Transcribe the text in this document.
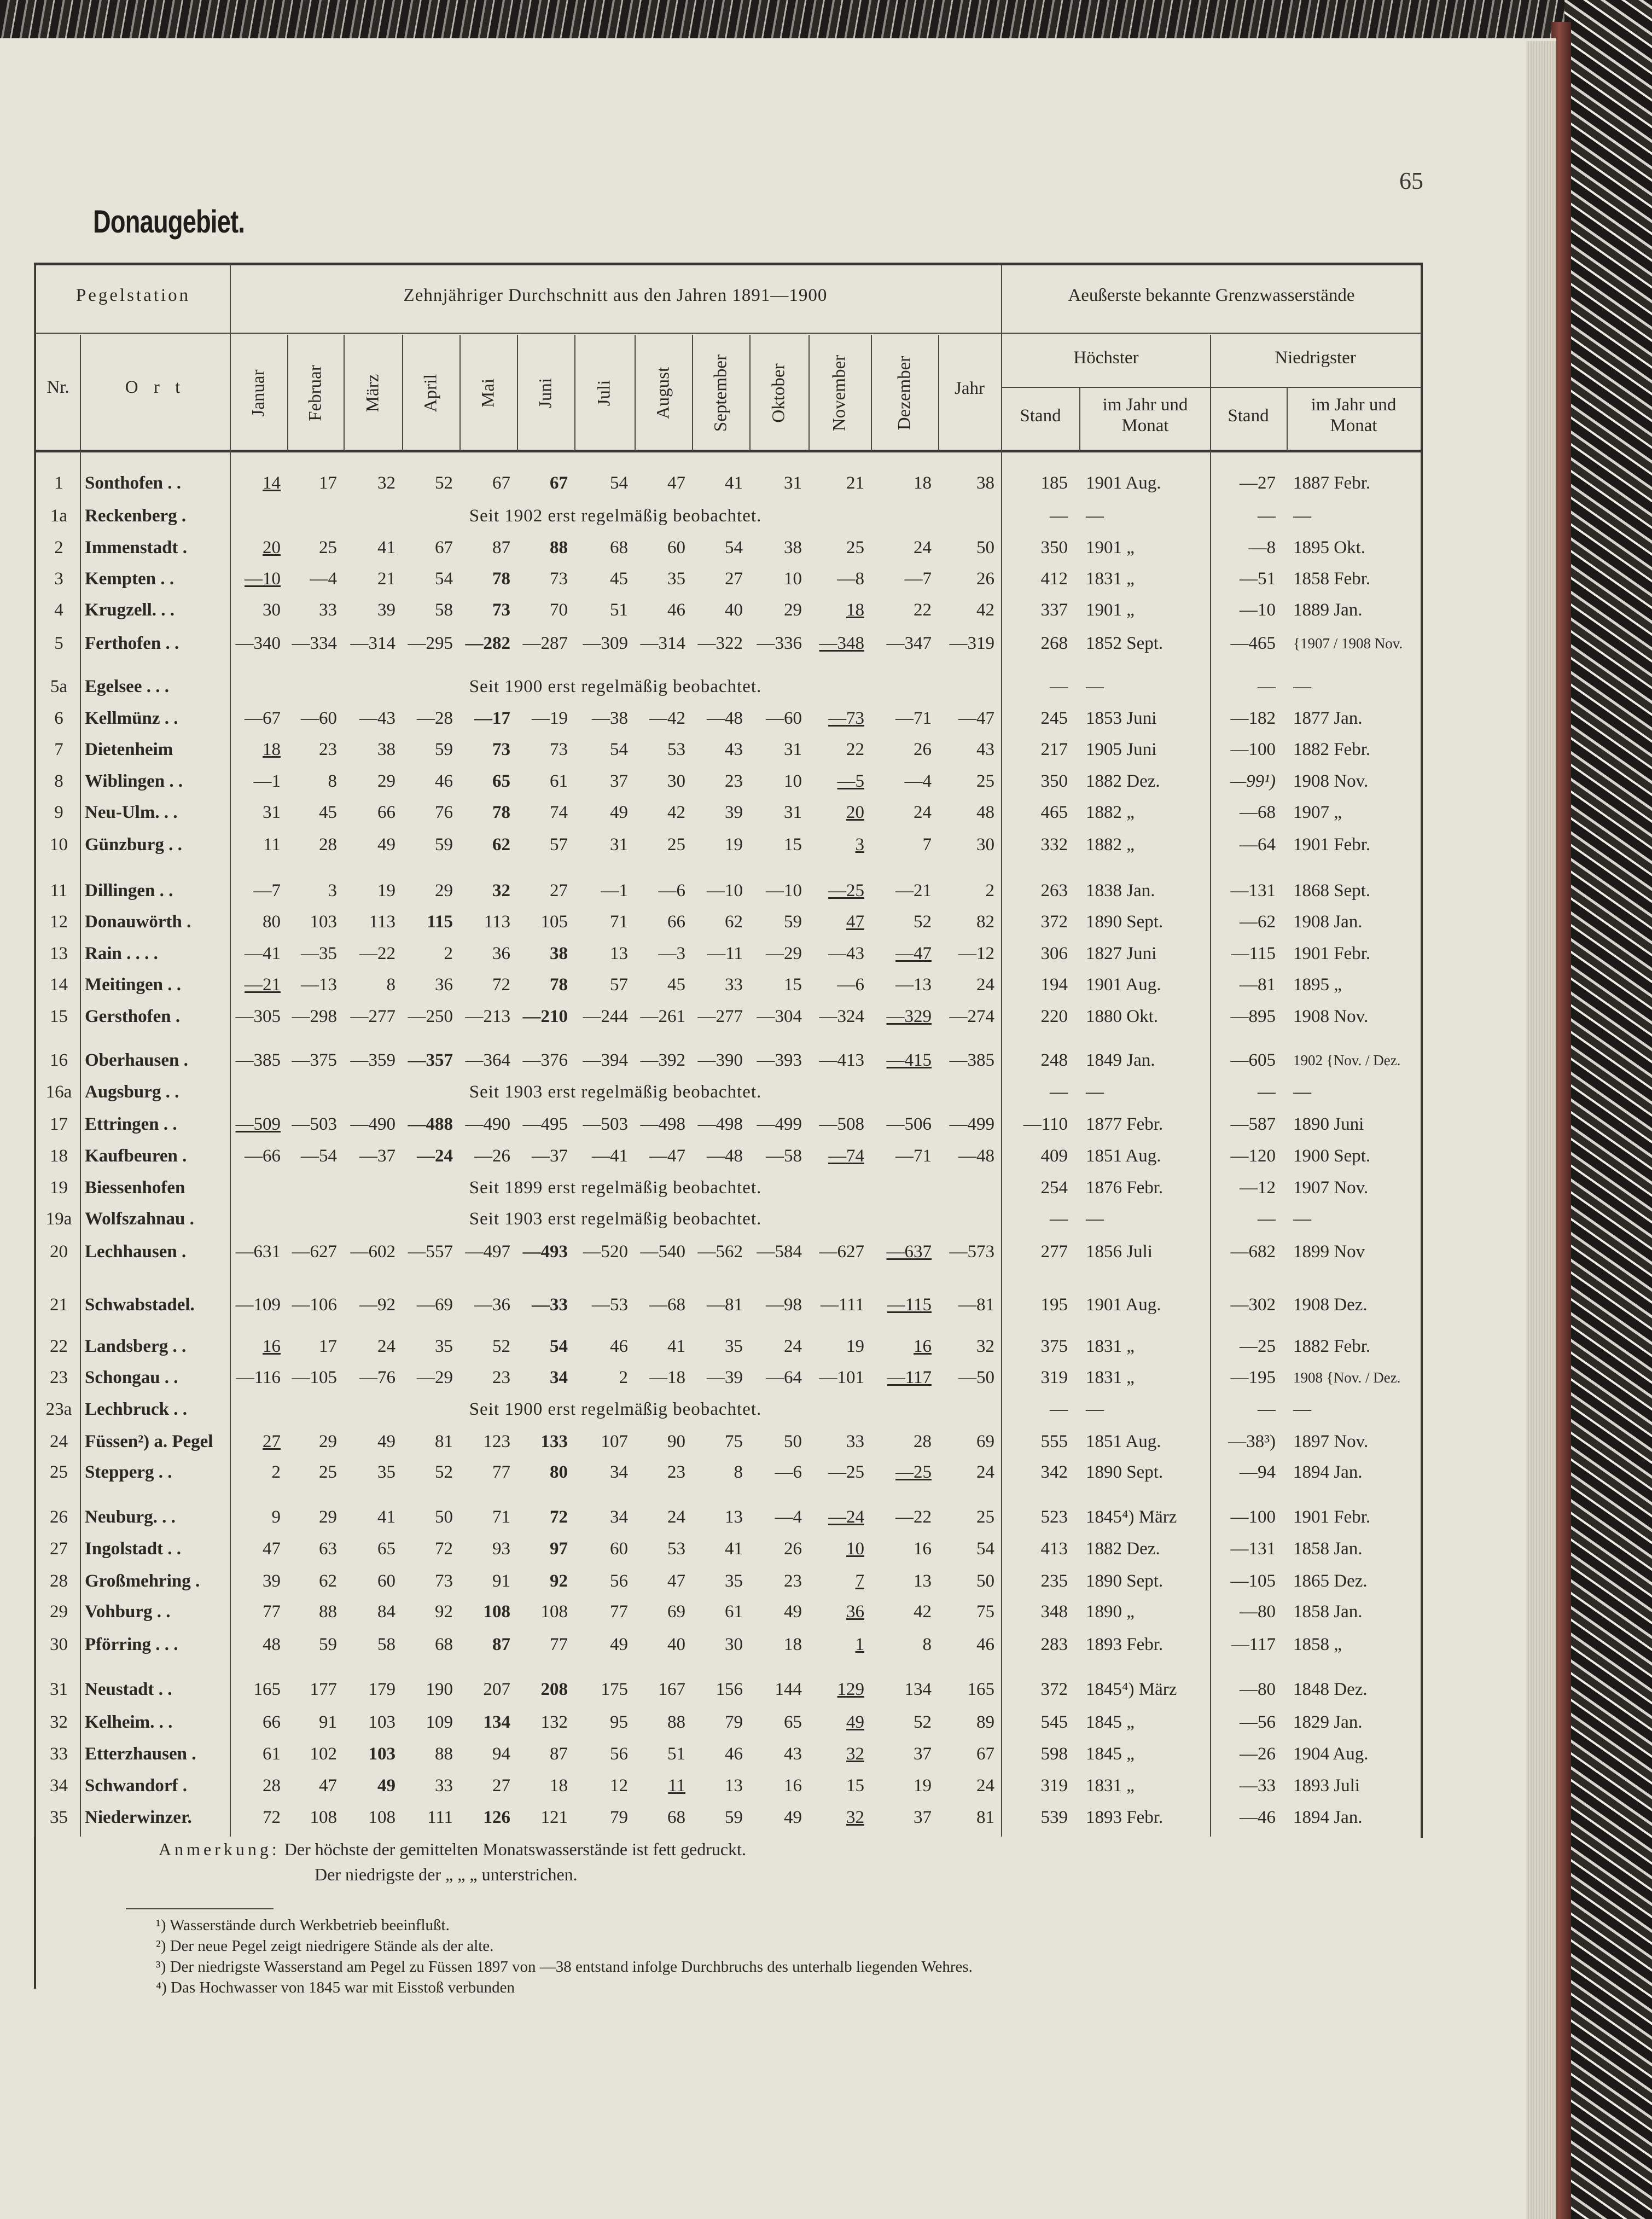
65
Donaugebiet.
Pegelstation
Nr.	O r t
Zehnjähriger Durchschnitt aus den Jahren 1891—1900	Aeußerste bekannte Grenzwasserstände
Höchster	Niedrigster
Stand
im Jahr und Monat	Stand
im Jahr und Monat
Jahr
Januar Februar März April Mai Juni Juli August September Oktober November	Dezember
1	Sonthofen . .	14	17	32	52	67	67	54	47	41	31	21	18	38	185 1901 Aug.	—27 1887 Febr.
1a Reckenberg .	Seit 1902 erst regelmäßig beobachtet.	— —	— —
2	Immenstadt .	20	25	41	67	87	88	68	60	54	38	25	24	50	350 1901 „	—8 1895 Okt.
3	Kempten . .	—10	—4	21	54	78	73	45	35	27	10	—8	—7	26	412 1831 „	—51 1858 Febr.
4	Krugzell. . .	30	33	39	58	73	70	51	46	40	29	18	22	42	337 1901 „	—10 1889 Jan.
5	Ferthofen . .	—340 —334 —314 —295 —282 —287 —309 —314 —322 —336 —348	—347 —319	268 1852 Sept.	—465 {1907 / 1908 Nov.
5a Egelsee . . .	Seit 1900 erst regelmäßig beobachtet.	— —	— —
6	Kellmünz . .	—67	—60	—43	—28	—17	—19	—38	—42	—48	—60	—73	—71	—47	245 1853 Juni	—182 1877 Jan.
7	Dietenheim	18	23	38	59	73	73	54	53	43	31	22	26	43	217 1905 Juni	—100 1882 Febr.
8	Wiblingen . .	—1	8	29	46	65	61	37	30	23	10	—5	—4	25	350 1882 Dez.	—99¹) 1908 Nov.
9	Neu-Ulm. . .	31	45	66	76	78	74	49	42	39	31	20	24	48	465 1882 „	—68 1907 „
10 Günzburg . .	11	28	49	59	62	57	31	25	19	15	3	7	30	332 1882 „	—64 1901 Febr.
11 Dillingen . .	—7	3	19	29	32	27	—1	—6	—10	—10	—25	—21	2	263 1838 Jan.	—131 1868 Sept.
12 Donauwörth .	80	103	113	115	113	105	71	66	62	59	47	52	82	372 1890 Sept.	—62 1908 Jan.
13 Rain . . . .	—41	—35	—22	2	36	38	13	—3	—11	—29	—43	—47	—12	306 1827 Juni	—115 1901 Febr.
14 Meitingen . .	—21	—13	8	36	72	78	57	45	33	15	—6	—13	24	194 1901 Aug.	—81 1895 „
15 Gersthofen .	—305 —298 —277 —250 —213 —210 —244 —261 —277 —304 —324	—329 —274	220 1880 Okt.	—895 1908 Nov.
16 Oberhausen .	—385 —375 —359 —357 —364 —376 —394 —392 —390 —393 —413	—415 —385	248 1849 Jan.	—605 1902 {Nov. / Dez.
16a Augsburg . .	Seit 1903 erst regelmäßig beobachtet.	— —	— —
17 Ettringen . .	—509 —503 —490 —488 —490 —495 —503 —498 —498 —499 —508	—506 —499	—110 1877 Febr.	—587 1890 Juni
18 Kaufbeuren .	—66	—54	—37	—24	—26	—37	—41	—47	—48	—58	—74	—71	—48	409 1851 Aug.	—120 1900 Sept.
19 Biessenhofen	Seit 1899 erst regelmäßig beobachtet.	254 1876 Febr.	—12 1907 Nov.
19a Wolfszahnau .	Seit 1903 erst regelmäßig beobachtet.	— —	— —
20 Lechhausen .	—631 —627 —602 —557 —497 —493 —520 —540 —562 —584 —627	—637 —573	277 1856 Juli	—682 1899 Nov
21 Schwabstadel.	—109 —106	—92	—69	—36	—33	—53	—68	—81	—98	—111	—115	—81	195 1901 Aug.	—302 1908 Dez.
22 Landsberg . .	16	17	24	35	52	54	46	41	35	24	19	16	32	375 1831 „	—25 1882 Febr.
23 Schongau . .	—116 —105	—76	—29	23	34	2	—18	—39	—64 —101	—117	—50	319 1831 „	—195 1908 {Nov. / Dez.
23a Lechbruck . .	Seit 1900 erst regelmäßig beobachtet.	— —	— —
24 Füssen²) a. Pegel	27	29	49	81	123	133	107	90	75	50	33	28	69	555 1851 Aug.	—38³) 1897 Nov.
25 Stepperg . .	2	25	35	52	77	80	34	23	8	—6	—25	—25	24	342 1890 Sept.	—94 1894 Jan.
26 Neuburg. . .	9	29	41	50	71	72	34	24	13	—4	—24	—22	25	523 1845⁴) März	—100 1901 Febr.
27 Ingolstadt . .	47	63	65	72	93	97	60	53	41	26	10	16	54	413 1882 Dez.	—131 1858 Jan.
28 Großmehring .	39	62	60	73	91	92	56	47	35	23	7	13	50	235 1890 Sept.	—105 1865 Dez.
29 Vohburg . .	77	88	84	92	108	108	77	69	61	49	36	42	75	348 1890 „	—80 1858 Jan.
30 Pförring . . .	48	59	58	68	87	77	49	40	30	18	1	8	46	283 1893 Febr.	—117 1858 „
31 Neustadt . .	165	177	179	190	207	208	175	167	156	144	129	134	165	372 1845⁴) März	—80 1848 Dez.
32 Kelheim. . .	66	91	103	109	134	132	95	88	79	65	49	52	89	545 1845 „	—56 1829 Jan.
33 Etterzhausen .	61	102	103	88	94	87	56	51	46	43	32	37	67	598 1845 „	—26 1904 Aug.
34 Schwandorf .	28	47	49	33	27	18	12	11	13	16	15	19	24	319 1831 „	—33 1893 Juli
35 Niederwinzer.	72	108	108	111	126	121	79	68	59	49	32	37	81	539 1893 Febr.	—46 1894 Jan.
Anmerkung: Der höchste der gemittelten Monatswasserstände ist fett gedruckt.
Der niedrigste der „ „ „ unterstrichen.
¹) Wasserstände durch Werkbetrieb beeinflußt.
²) Der neue Pegel zeigt niedrigere Stände als der alte.
³) Der niedrigste Wasserstand am Pegel zu Füssen 1897 von —38 entstand infolge Durchbruchs des unterhalb liegenden Wehres.
⁴) Das Hochwasser von 1845 war mit Eisstoß verbunden
